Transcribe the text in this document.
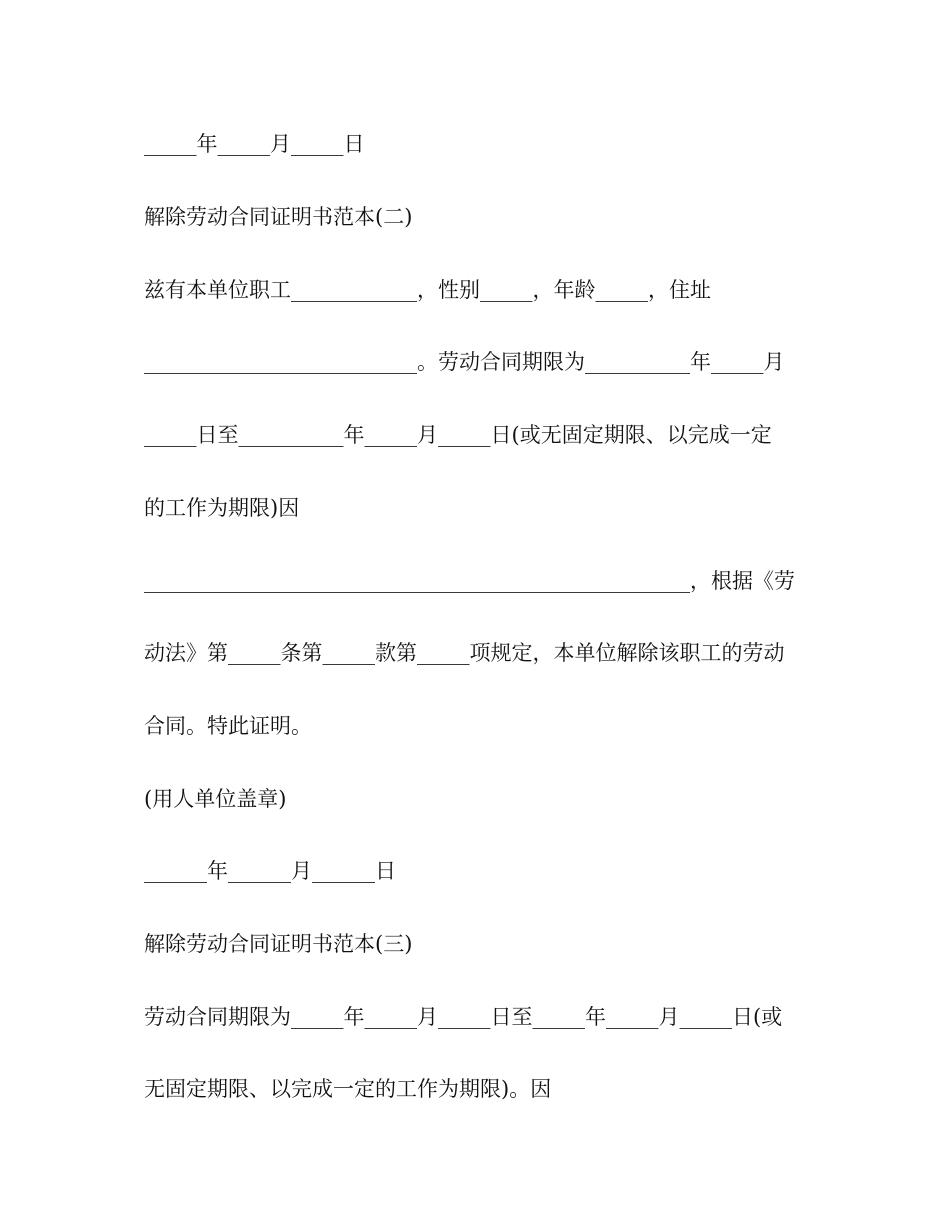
_____年_____月_____日
解除劳动合同证明书范本(二)
兹有本单位职工____________，性别_____，年龄_____，住址
__________________________。劳动合同期限为__________年_____月
_____日至__________年_____月_____日(或无固定期限、以完成一定
的工作为期限)因
____________________________________________________，根据《劳
动法》第_____条第_____款第_____项规定，本单位解除该职工的劳动
合同。特此证明。
(用人单位盖章)
______年______月______日
解除劳动合同证明书范本(三)
劳动合同期限为_____年_____月_____日至_____年_____月_____日(或
无固定期限、以完成一定的工作为期限)。因
